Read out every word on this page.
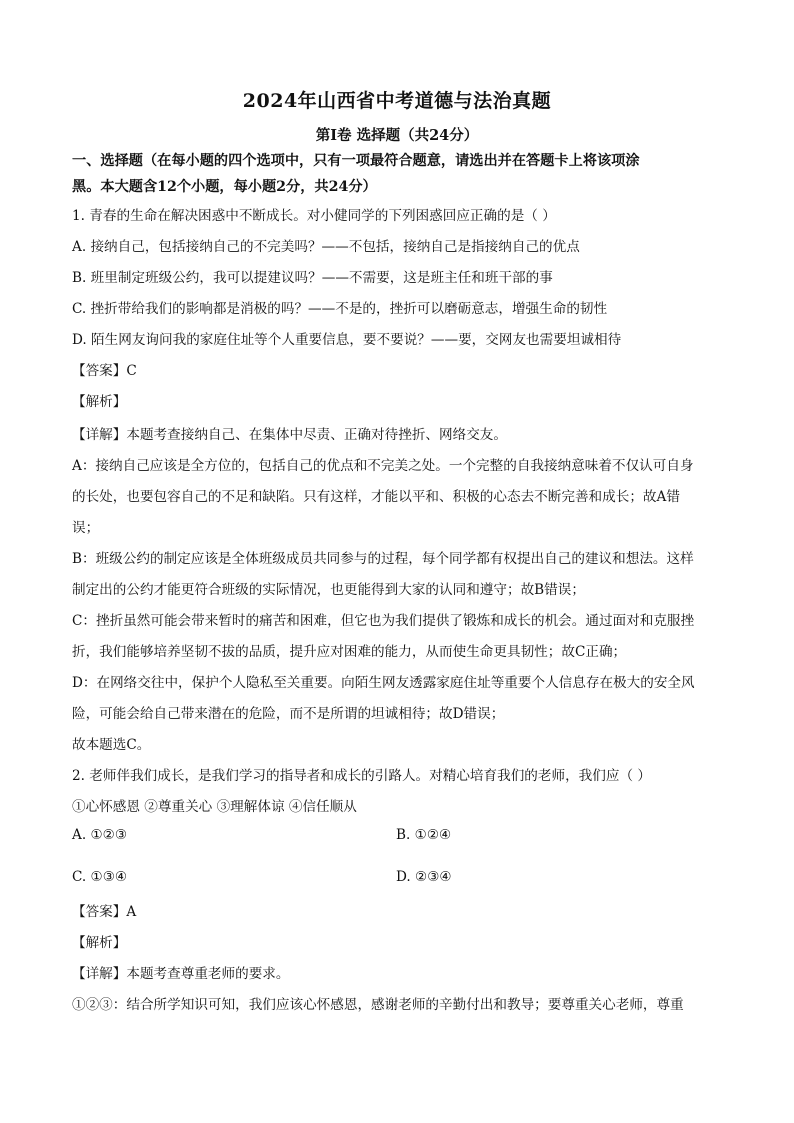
2024年山西省中考道德与法治真题
第Ⅰ卷 选择题（共24分）
一、选择题（在每小题的四个选项中，只有一项最符合题意，请选出并在答题卡上将该项涂
黑。本大题含12个小题，每小题2分，共24分）
1. 青春的生命在解决困惑中不断成长。对小健同学的下列困惑回应正确的是（ ）
A. 接纳自己，包括接纳自己的不完美吗？——不包括，接纳自己是指接纳自己的优点
B. 班里制定班级公约，我可以提建议吗？——不需要，这是班主任和班干部的事
C. 挫折带给我们的影响都是消极的吗？——不是的，挫折可以磨砺意志，增强生命的韧性
D. 陌生网友询问我的家庭住址等个人重要信息，要不要说？——要，交网友也需要坦诚相待
【答案】C
【解析】
【详解】本题考查接纳自己、在集体中尽责、正确对待挫折、网络交友。
A：接纳自己应该是全方位的，包括自己的优点和不完美之处。一个完整的自我接纳意味着不仅认可自身
的长处，也要包容自己的不足和缺陷。只有这样，才能以平和、积极的心态去不断完善和成长；故A错
误；
B：班级公约的制定应该是全体班级成员共同参与的过程，每个同学都有权提出自己的建议和想法。这样
制定出的公约才能更符合班级的实际情况，也更能得到大家的认同和遵守；故B错误；
C：挫折虽然可能会带来暂时的痛苦和困难，但它也为我们提供了锻炼和成长的机会。通过面对和克服挫
折，我们能够培养坚韧不拔的品质，提升应对困难的能力，从而使生命更具韧性；故C正确；
D：在网络交往中，保护个人隐私至关重要。向陌生网友透露家庭住址等重要个人信息存在极大的安全风
险，可能会给自己带来潜在的危险，而不是所谓的坦诚相待；故D错误；
故本题选C。
2. 老师伴我们成长，是我们学习的指导者和成长的引路人。对精心培育我们的老师，我们应（ ）
①心怀感恩 ②尊重关心 ③理解体谅 ④信任顺从
A. ①②③	B. ①②④
C. ①③④	D. ②③④
【答案】A
【解析】
【详解】本题考查尊重老师的要求。
①②③：结合所学知识可知，我们应该心怀感恩，感谢老师的辛勤付出和教导；要尊重关心老师，尊重
